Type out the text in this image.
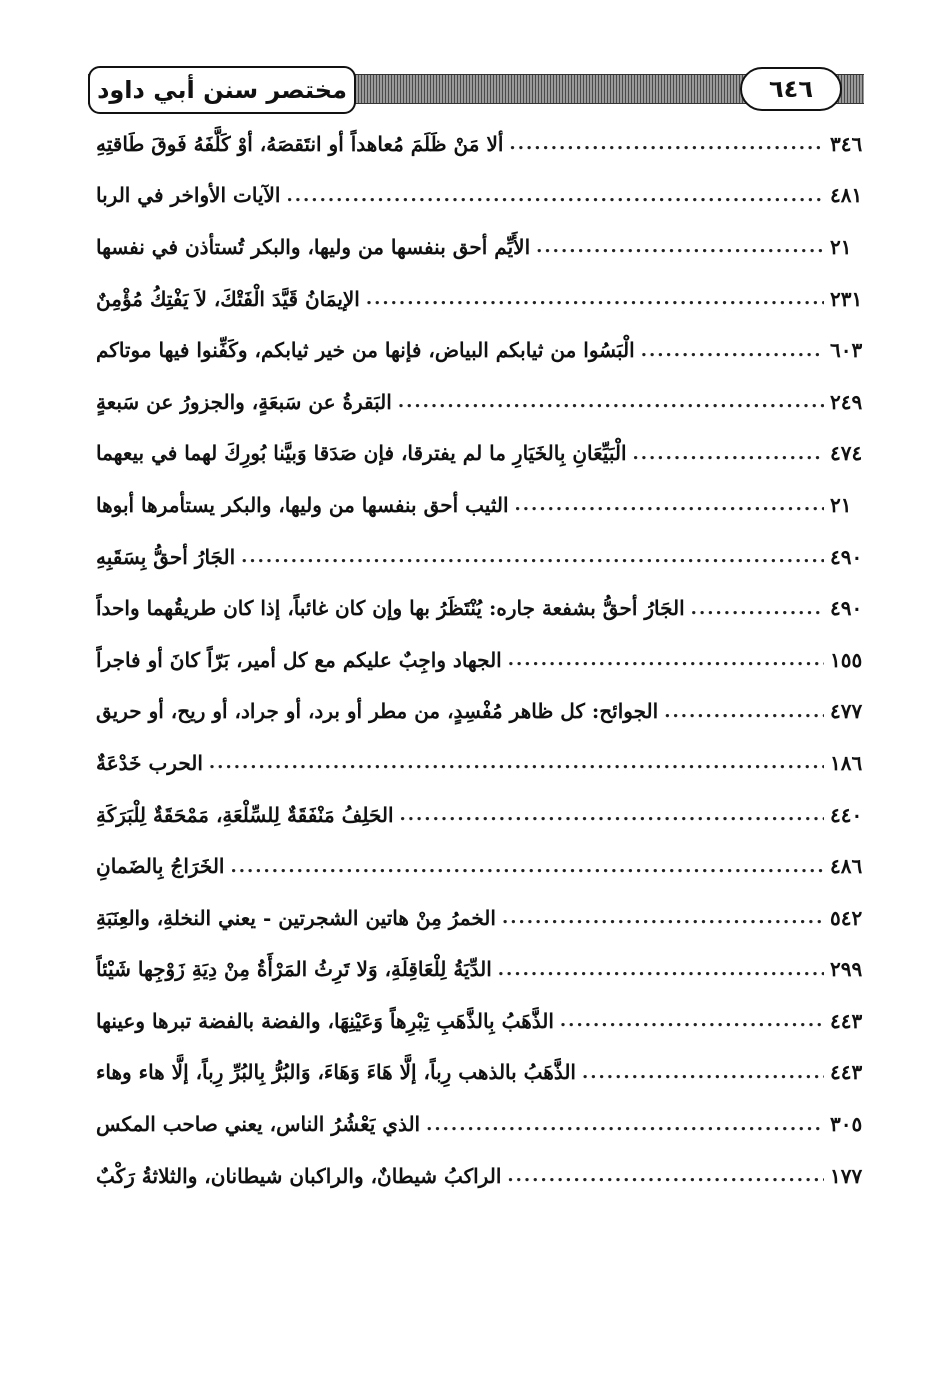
مختصر سنن أبي داود	٦٤٦
ألا مَنْ ظَلَمَ مُعاهداً أو انتَقصَهُ، أوْ كَلَّفَهُ فَوقَ طَاقتِهِ .....	٣٤٦
الآيات الأواخر في الربا .....	٤٨١
الأَيِّم أحق بنفسها من وليها، والبكر تُستأذن في نفسها .....	٢١
الإيمَانُ قَيَّدَ الْفَتْكَ، لاَ يَفْتِكُ مُؤْمِنٌ .....	٢٣١
الْبَسُوا من ثيابكم البياض، فإنها من خير ثيابكم، وكَفِّنوا فيها موتاكم .....	٦٠٣
البَقرةُ عن سَبعَةٍ، والجزورُ عن سَبعةٍ .....	٢٤٩
الْبَيِّعَانِ بِالخَيَارِ ما لم يفترقا، فإن صَدَقا وَبيَّنا بُورِكَ لهما في بيعهما .....	٤٧٤
الثيب أحق بنفسها من وليها، والبكر يستأمرها أبوها .....	٢١
الجَارُ أحقُّ بِسَقَبِهِ .....	٤٩٠
الجَارُ أحقُّ بشفعة جاره: يُنْتَظَرُ بها وإن كان غائباً، إذا كان طريقُهما واحداً .....	٤٩٠
الجهاد واجِبٌ عليكم مع كل أمير، بَرّاً كانَ أو فاجراً .....	١٥٥
الجوائح: كل ظاهر مُفْسِدٍ، من مطر أو برد، أو جراد، أو ريح، أو حريق .....	٤٧٧
الحرب خَدْعَةٌ .....	١٨٦
الحَلِفُ مَنْفَقَةٌ لِلسِّلْعَةِ، مَمْحَقَةٌ لِلْبَرَكَةِ .....	٤٤٠
الخَرَاجُ بِالضَمانِ .....	٤٨٦
الخمرُ مِنْ هاتين الشجرتين - يعني النخلةِ، والعِنَبَةِ .....	٥٤٢
الدِّيَةُ لِلْعَاقِلَةِ، وَلا تَرِثُ المَرْأَةُ مِنْ دِيَةِ زَوْجِها شَيْئاً .....	٢٩٩
الذَّهَبُ بِالذَّهَبِ تِبْرِهاً وَعَيْنِهَا، والفضة بالفضة تبرها وعينها .....	٤٤٣
الذَّهَبُ بالذهب رِباً، إلَّا هَاءَ وَهَاءَ، وَالبُرُّ بِالبُرِّ رِباً، إلَّا هاء وهاء .....	٤٤٣
الذي يَعْشُرُ الناس، يعني صاحب المكس .....	٣٠٥
الراكبُ شيطانٌ، والراكبان شيطانان، والثلاثةُ رَكْبٌ .....	١٧٧
